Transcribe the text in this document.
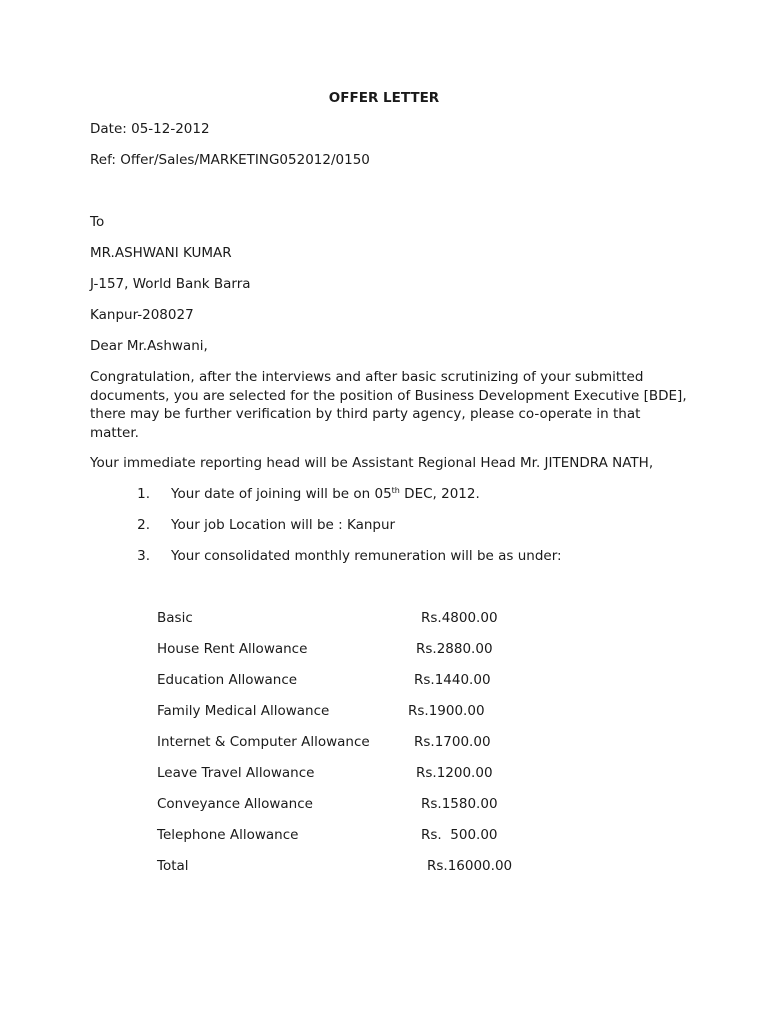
OFFER LETTER
Date: 05-12-2012
Ref: Offer/Sales/MARKETING052012/0150
To
MR.ASHWANI KUMAR
J-157, World Bank Barra
Kanpur-208027
Dear Mr.Ashwani,
Congratulation, after the interviews and after basic scrutinizing of your submitted documents, you are selected for the position of Business Development Executive [BDE], there may be further verification by third party agency, please co-operate in that matter.
Your immediate reporting head will be Assistant Regional Head Mr. JITENDRA NATH,
1. Your date of joining will be on 05th DEC, 2012.
2. Your job Location will be : Kanpur
3. Your consolidated monthly remuneration will be as under:
Basic	Rs.4800.00
House Rent Allowance	Rs.2880.00
Education Allowance	Rs.1440.00
Family Medical Allowance	Rs.1900.00
Internet & Computer Allowance	Rs.1700.00
Leave Travel Allowance	Rs.1200.00
Conveyance Allowance	Rs.1580.00
Telephone Allowance	Rs.  500.00
Total	Rs.16000.00
